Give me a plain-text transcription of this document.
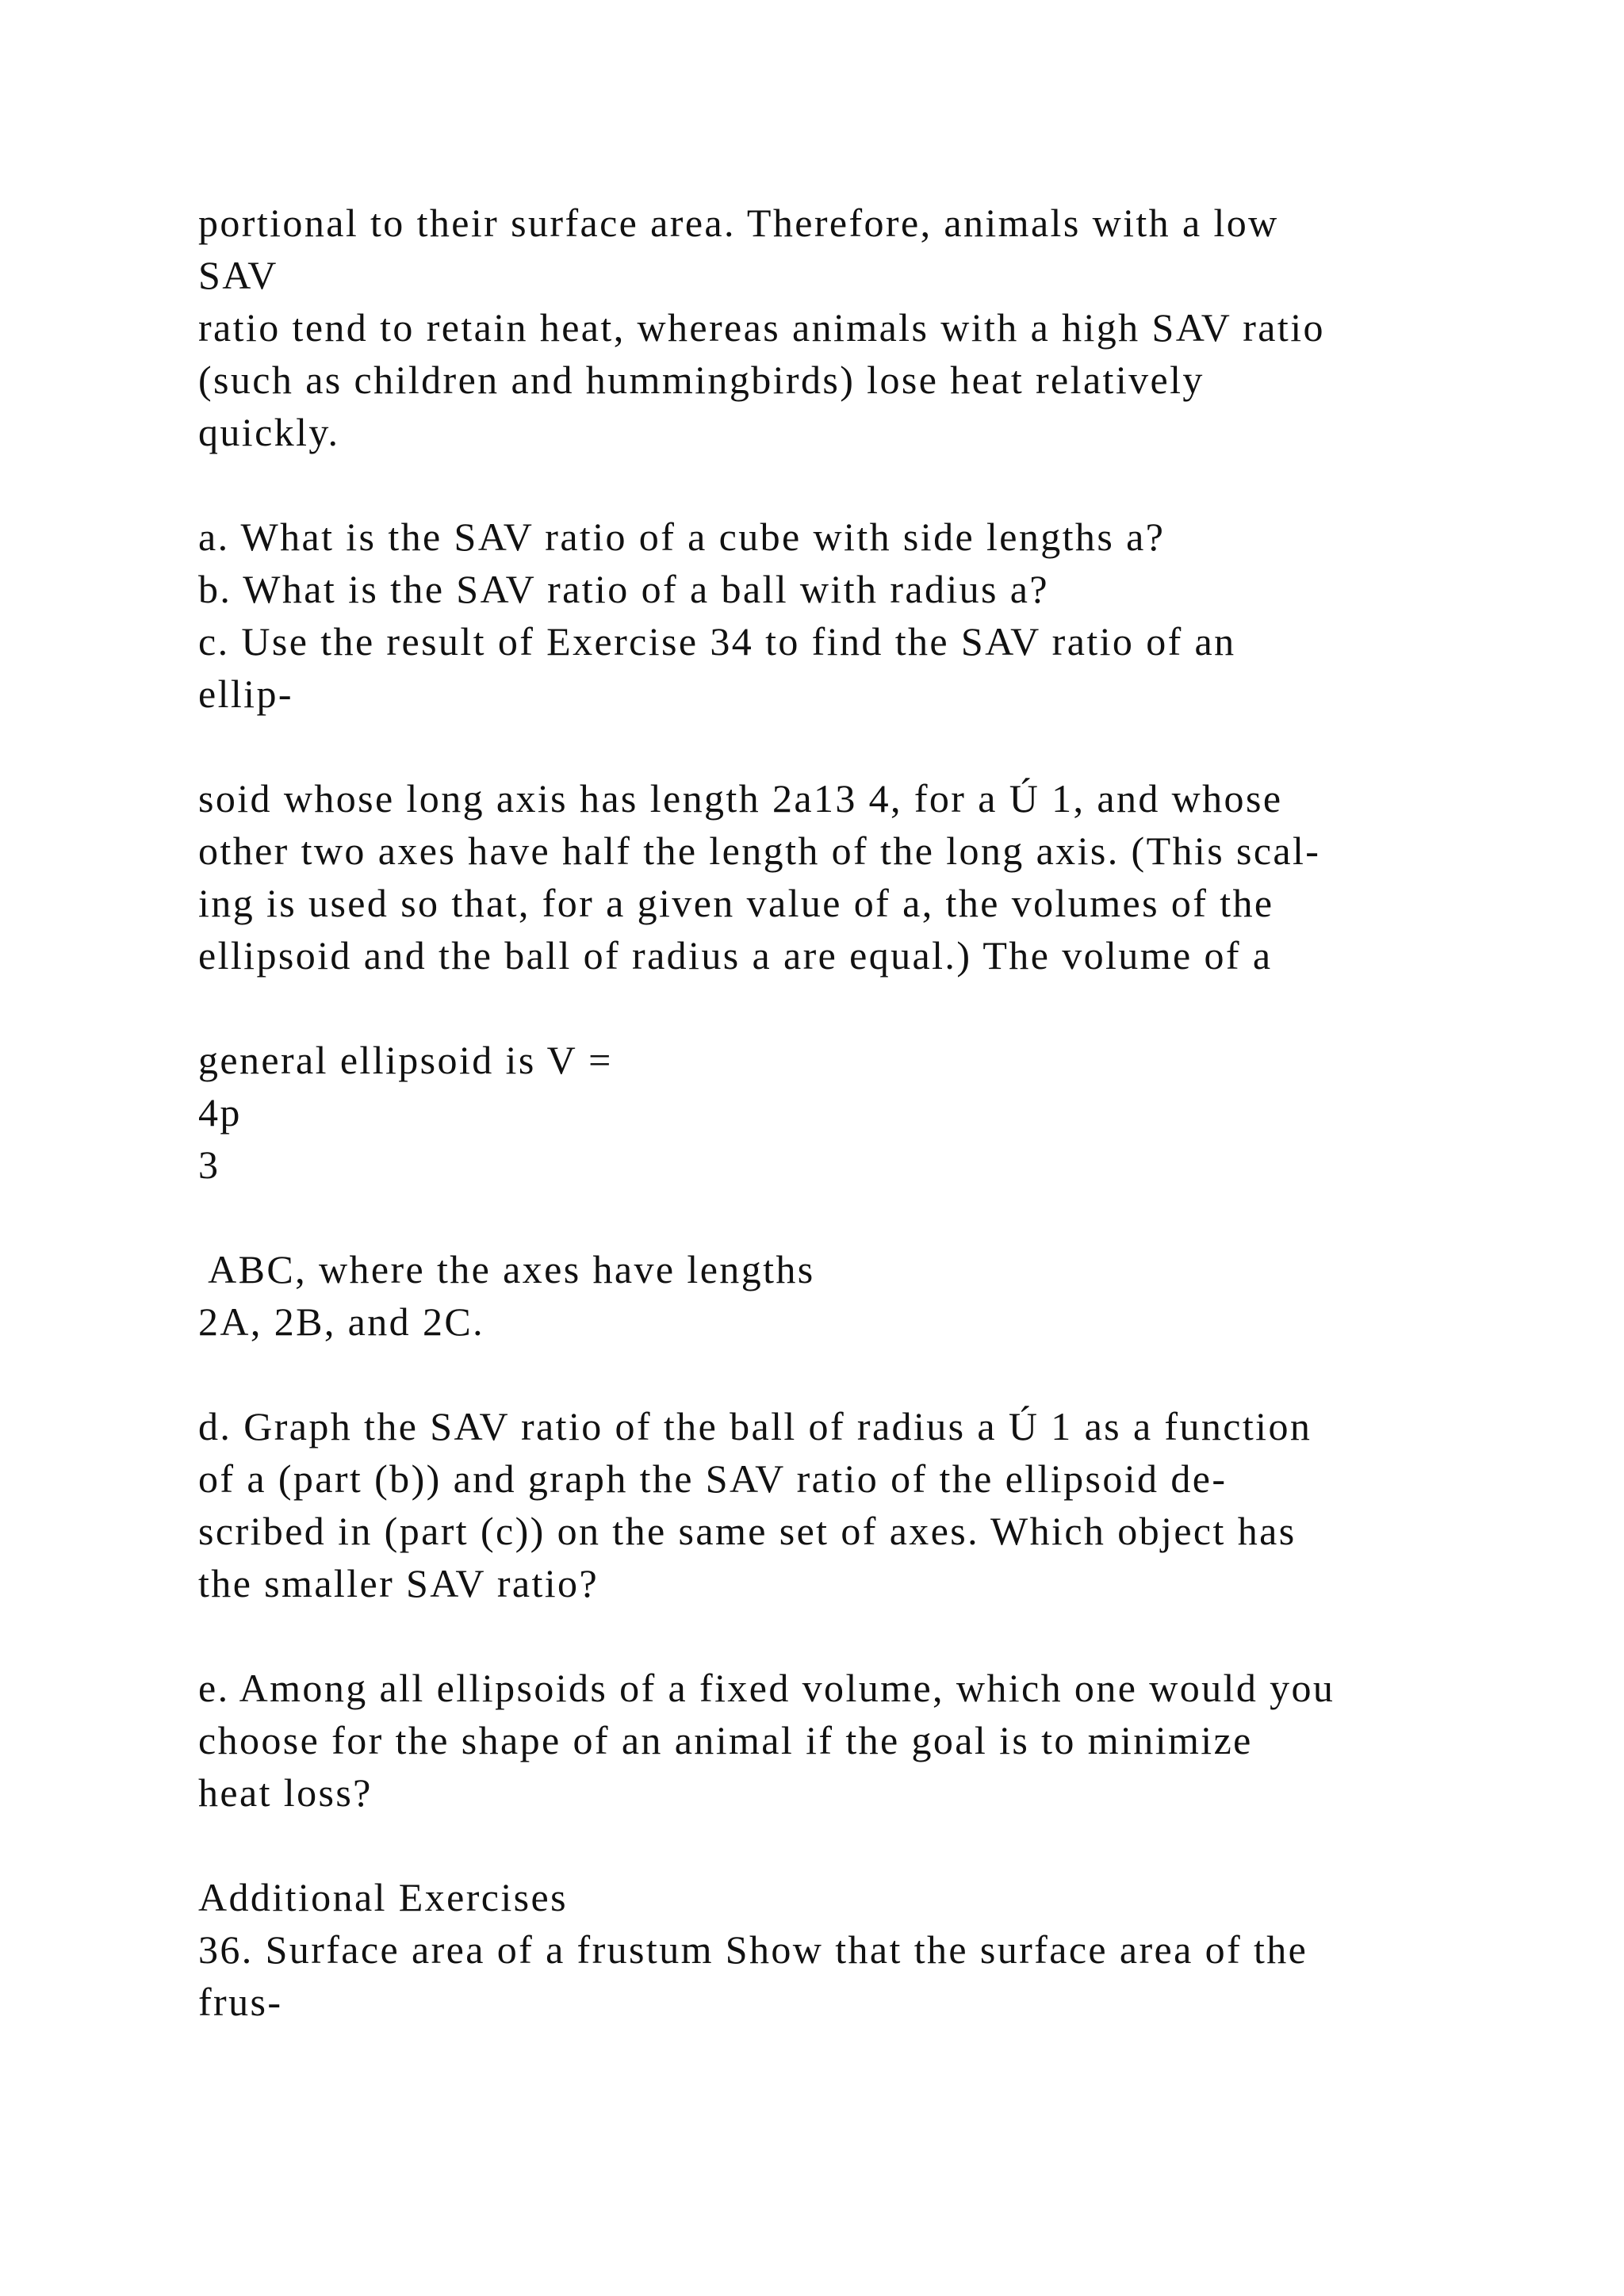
portional to their surface area. Therefore, animals with a low

SAV

ratio tend to retain heat, whereas animals with a high SAV ratio

(such as children and hummingbirds) lose heat relatively

quickly.

a. What is the SAV ratio of a cube with side lengths a?

b. What is the SAV ratio of a ball with radius a?

c. Use the result of Exercise 34 to find the SAV ratio of an

ellip-

soid whose long axis has length 2a13 4, for a Ú 1, and whose

other two axes have half the length of the long axis. (This scal-

ing is used so that, for a given value of a, the volumes of the

ellipsoid and the ball of radius a are equal.) The volume of a

general ellipsoid is V =

4p

3

ABC, where the axes have lengths

2A, 2B, and 2C.

d. Graph the SAV ratio of the ball of radius a Ú 1 as a function

of a (part (b)) and graph the SAV ratio of the ellipsoid de-

scribed in (part (c)) on the same set of axes. Which object has

the smaller SAV ratio?

e. Among all ellipsoids of a fixed volume, which one would you

choose for the shape of an animal if the goal is to minimize

heat loss?

Additional Exercises

36. Surface area of a frustum Show that the surface area of the

frus-
